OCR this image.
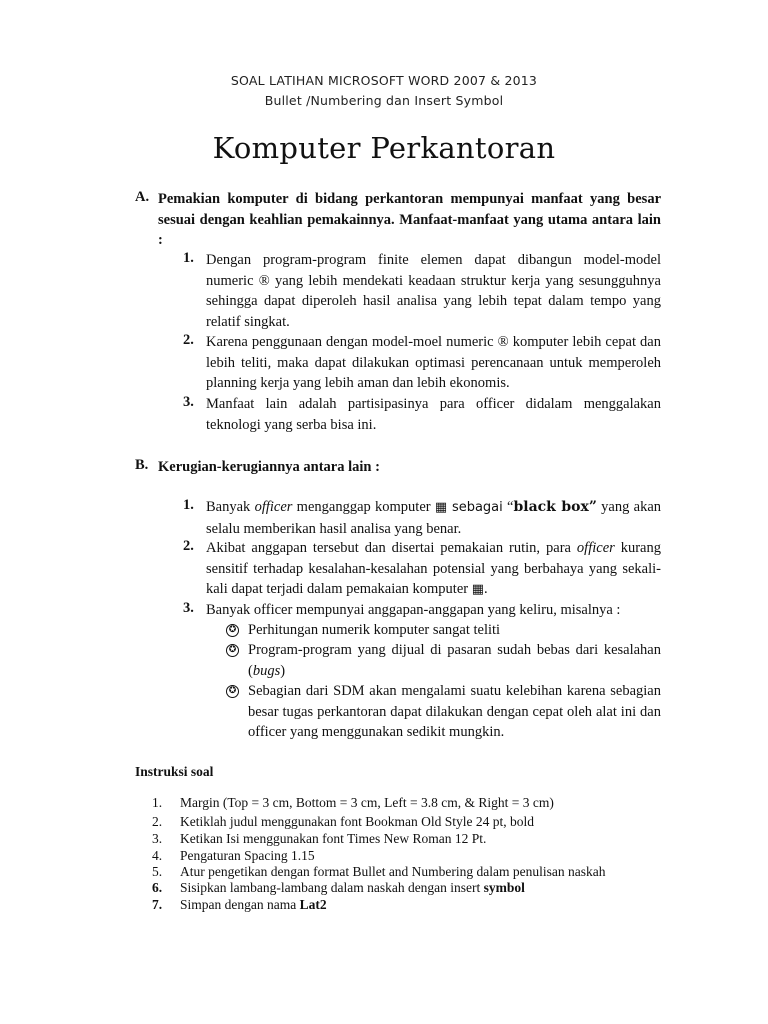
SOAL LATIHAN MICROSOFT WORD 2007 & 2013
Bullet /Numbering dan Insert Symbol
Komputer Perkantoran
A. Pemakian komputer di bidang perkantoran mempunyai manfaat yang besar sesuai dengan keahlian pemakainnya. Manfaat-manfaat yang utama antara lain :
1. Dengan program-program finite elemen dapat dibangun model-model numeric ® yang lebih mendekati keadaan struktur kerja yang sesungguhnya sehingga dapat diperoleh hasil analisa yang lebih tepat dalam tempo yang relatif singkat.
2. Karena penggunaan dengan model-moel numeric ® komputer lebih cepat dan lebih teliti, maka dapat dilakukan optimasi perencanaan untuk memperoleh planning kerja yang lebih aman dan lebih ekonomis.
3. Manfaat lain adalah partisipasinya para officer didalam menggalakan teknologi yang serba bisa ini.
B. Kerugian-kerugiannya antara lain :
1. Banyak officer menganggap komputer ▦ sebagai “black box” yang akan selalu memberikan hasil analisa yang benar.
2. Akibat anggapan tersebut dan disertai pemakaian rutin, para officer kurang sensitif terhadap kesalahan-kesalahan potensial yang berbahaya yang sekali-kali dapat terjadi dalam pemakaian komputer ▦.
3. Banyak officer mempunyai anggapan-anggapan yang keliru, misalnya :
✪ Perhitungan numerik komputer sangat teliti
✪ Program-program yang dijual di pasaran sudah bebas dari kesalahan (bugs)
✪ Sebagian dari SDM akan mengalami suatu kelebihan karena sebagian besar tugas perkantoran dapat dilakukan dengan cepat oleh alat ini dan officer yang menggunakan sedikit mungkin.
Instruksi soal
1. Margin (Top = 3 cm, Bottom = 3 cm, Left = 3.8 cm, & Right = 3 cm)
2. Ketiklah judul menggunakan font Bookman Old Style 24 pt, bold
3. Ketikan Isi menggunakan font Times New Roman 12 Pt.
4. Pengaturan Spacing 1.15
5. Atur pengetikan dengan format Bullet and Numbering dalam penulisan naskah
6. Sisipkan lambang-lambang dalam naskah dengan insert symbol
7. Simpan dengan nama Lat2
